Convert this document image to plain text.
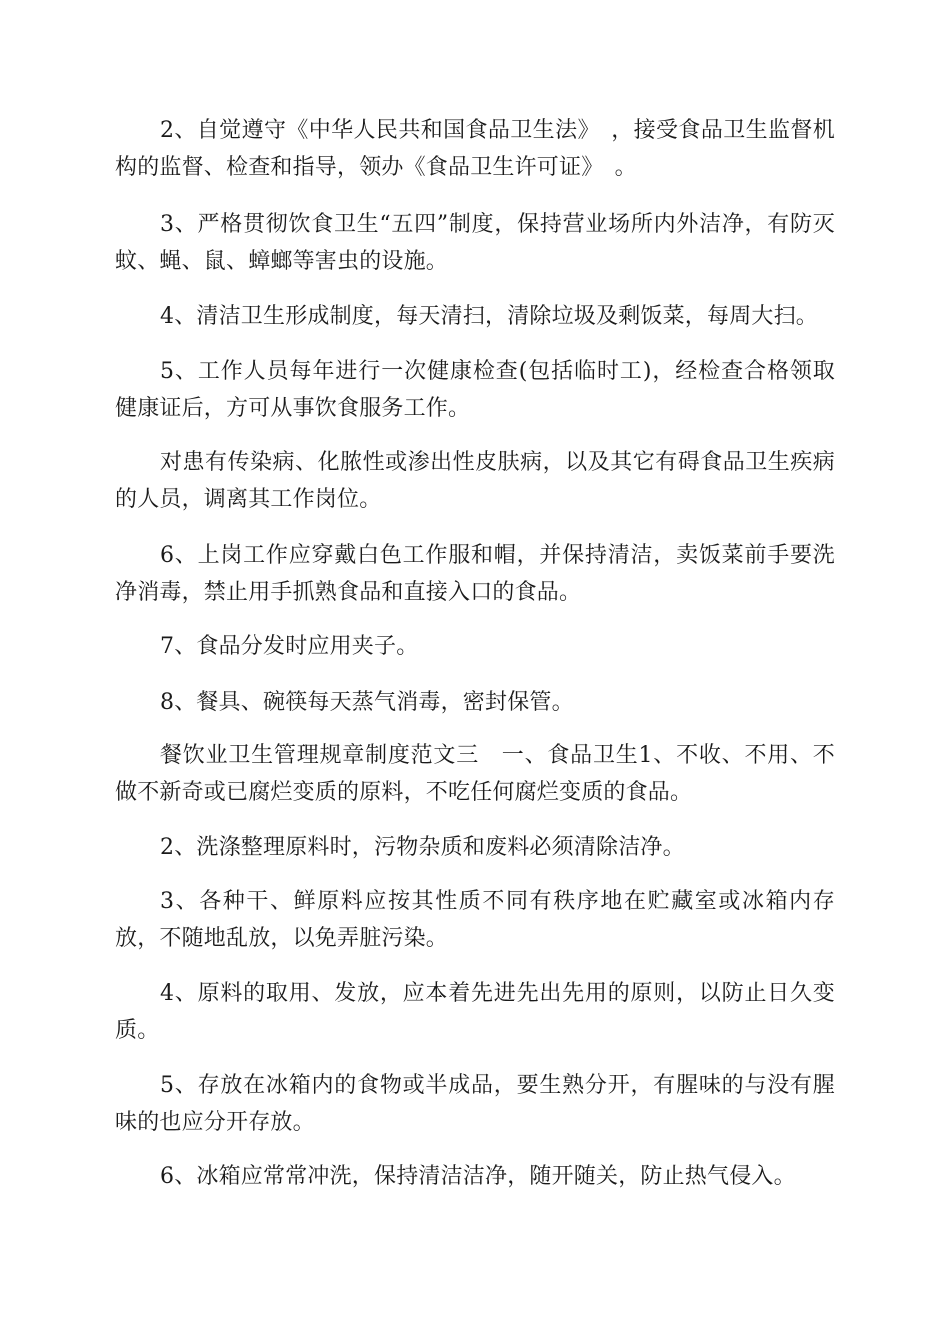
2、自觉遵守《中华人民共和国食品卫生法》　，接受食品卫生监督机构的监督、检查和指导，领办《食品卫生许可证》　。

3、严格贯彻饮食卫生“五四”制度，保持营业场所内外洁净，有防灭蚊、蝇、鼠、蟑螂等害虫的设施。

4、清洁卫生形成制度，每天清扫，清除垃圾及剩饭菜，每周大扫。

5、工作人员每年进行一次健康检查(包括临时工)，经检查合格领取健康证后，方可从事饮食服务工作。

对患有传染病、化脓性或渗出性皮肤病，以及其它有碍食品卫生疾病的人员，调离其工作岗位。

6、上岗工作应穿戴白色工作服和帽，并保持清洁，卖饭菜前手要洗净消毒，禁止用手抓熟食品和直接入口的食品。

7、食品分发时应用夹子。

8、餐具、碗筷每天蒸气消毒，密封保管。

餐饮业卫生管理规章制度范文三　一、食品卫生1、不收、不用、不做不新奇或已腐烂变质的原料，不吃任何腐烂变质的食品。

2、洗涤整理原料时，污物杂质和废料必须清除洁净。

3、各种干、鲜原料应按其性质不同有秩序地在贮藏室或冰箱内存放，不随地乱放，以免弄脏污染。

4、原料的取用、发放，应本着先进先出先用的原则，以防止日久变质。

5、存放在冰箱内的食物或半成品，要生熟分开，有腥味的与没有腥味的也应分开存放。

6、冰箱应常常冲洗，保持清洁洁净，随开随关，防止热气侵入。
